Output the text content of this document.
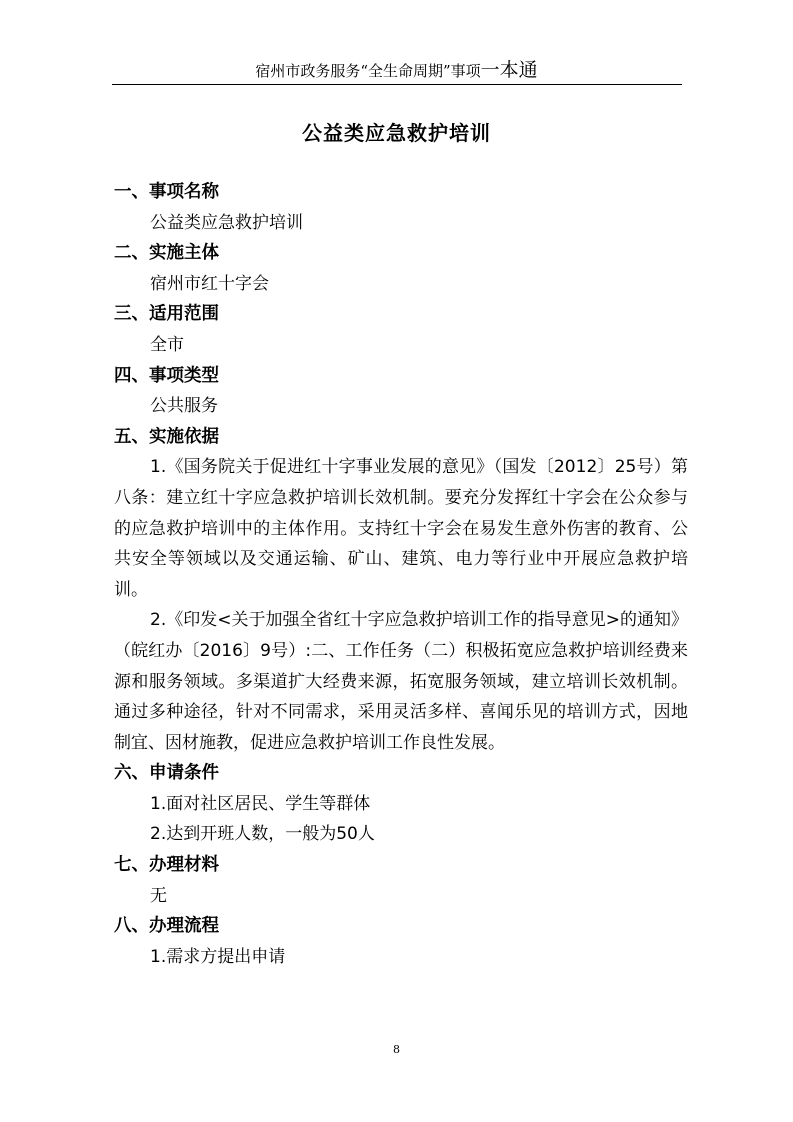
宿州市政务服务“全生命周期”事项一本通
公益类应急救护培训

一、事项名称

公益类应急救护培训

二、实施主体

宿州市红十字会

三、适用范围

全市

四、事项类型

公共服务

五、实施依据

1.《国务院关于促进红十字事业发展的意见》（国发〔2012〕25号）第八条：建立红十字应急救护培训长效机制。要充分发挥红十字会在公众参与的应急救护培训中的主体作用。支持红十字会在易发生意外伤害的教育、公共安全等领域以及交通运输、矿山、建筑、电力等行业中开展应急救护培训。

2.《印发<关于加强全省红十字应急救护培训工作的指导意见>的通知》（皖红办〔2016〕9号）:二、工作任务（二）积极拓宽应急救护培训经费来源和服务领域。多渠道扩大经费来源，拓宽服务领域，建立培训长效机制。通过多种途径，针对不同需求，采用灵活多样、喜闻乐见的培训方式，因地制宜、因材施教，促进应急救护培训工作良性发展。

六、申请条件

1.面对社区居民、学生等群体

2.达到开班人数，一般为50人

七、办理材料

无

八、办理流程

1.需求方提出申请

8
